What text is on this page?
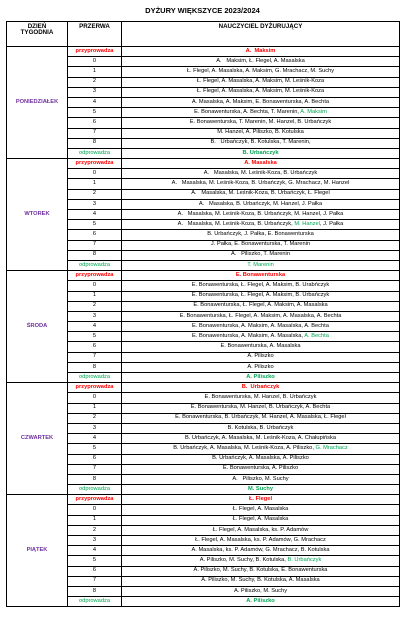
DYŻURY WIĘKSZYCE 2023/2024
DZIEŃ TYGODNIA	PRZERWA	NAUCZYCIEL DYŻURUJĄCY
PONIEDZIAŁEK	przyprowadza	A.  Maksim
	0	A.   Maksim, Ł. Flegel, A. Masalska
	1	Ł. Flegel, A. Masalska, A. Maksim, G. Mrachacz, M. Suchy
	2	Ł. Flegel, A. Masalska, A. Maksim, M. Leśnik-Koza
	3	Ł. Flegel, A. Masalska, A. Maksim, M. Leśnik-Koza
	4	A. Masalska, A. Maksim, E. Bonawenturska, A. Bechta
	5	E. Bonawenturska, A. Bechta, T. Marenin, A. Maksim
	6	E. Bonawenturska, T. Marenin, M. Hanzel, B. Urbańczyk
	7	M. Hanzel, A. Piliszko, B. Kotulska
	8	B.   Urbańczyk, B. Kotulska, T. Marenin,
	odprowadza	B. Urbańczyk
WTOREK	przyprowadza	A. Masalska
	0	A.   Masalska, M. Leśnik-Koza, B. Urbańczyk
	1	A.   Masalska, M. Leśnik-Koza, B. Urbańczyk, G. Mrachacz, M. Hanzel
	2	A.   Masalska, M. Leśnik-Koza, B. Urbańczyk, Ł. Flegel
	3	A.   Masalska, B. Urbańczyk, M. Hanzel, J. Pałka
	4	A.   Masalska, M. Leśnik-Koza, B. Urbańczyk, M. Hanzel, J. Pałka
	5	A.   Masalska, M. Leśnik-Koza, B. Urbańczyk, M. Hanzel, J. Pałka
	6	B. Urbańczyk, J. Pałka, E. Bonawenturska
	7	J. Pałka, E. Bonawenturska, T. Marenin
	8	A.   Piliszko, T. Marenin
	odprowadza	T. Marenin
ŚRODA	przyprowadza	E. Bonawenturska
	0	E. Bonawenturska, Ł. Flegel, A. Maksim, B. Urabńczyk
	1	E. Bonawenturska, Ł. Flegel, A. Maksim, B. Urbańczyk
	2	E. Bonawenturska, Ł. Flegel, A. Maksim, A. Masalska
	3	E. Bonawenturska, Ł. Flegel, A. Maksim, A. Masalska, A. Bechta
	4	E. Bonawenturska, A. Maksim, A. Masalska, A. Bechta
	5	E. Bonawenturska, A. Maksim, A. Masalska, A. Bechta
	6	E. Bonawenturska, A. Masalska
	7	A. Piliszko
	8	A. Piliszko
	odprowadza	A. Piliszko
CZWARTEK	przyprowadza	B.  Urbańczyk
	0	E. Bonawenturska, M. Hanzel, B. Urbańczyk
	1	E. Bonawenturska, M. Hanzel, B. Urbańczyk, A. Bechta
	2	E. Bonawenturska, B. Urbańczyk, M. Hanzel, A. Masalska, Ł. Flegel
	3	B. Kotulska, B. Urbańczyk
	4	B. Urbańczyk, A. Masalska, M. Leśnik-Koza, A. Chałupińska
	5	B. Urbańczyk, A. Masalska, M. Leśnik-Koza, A. Piliszko, G. Mrachacz
	6	B. Urbańczyk, A. Masalska, A. Piliszko
	7	E. Bonawenturska, A. Piliszko
	8	A.   Piliszko, M. Suchy
	odprowadza	M. Suchy
PIĄTEK	przyprowadza	Ł. Flegel
	0	Ł. Flegel, A. Masalska
	1	Ł. Flegel, A. Masalska
	2	Ł. Flegel, A. Masalska, ks. P. Adamów
	3	Ł. Flegel, A. Masalska, ks. P. Adamów, G. Mrachacz
	4	A. Masalska, ks. P. Adamów, G. Mrachacz, B. Kotulska
	5	A. Piliszko, M. Suchy, B. Kotulska, B. Urbańczyk
	6	A. Piliszko, M. Suchy, B. Kotulska, E. Bonawenturska
	7	A. Piliszko, M. Suchy, B. Kotulska, A. Masalska
	8	A. Piliszko, M. Suchy
	odprowadza	A. Piliszko
